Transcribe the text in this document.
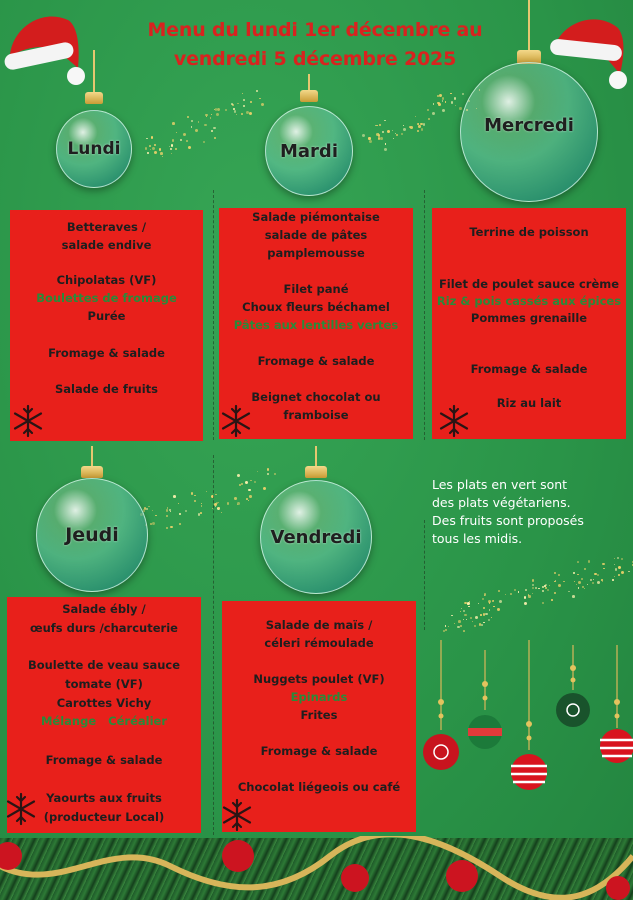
Menu du lundi 1er décembre au
vendredi 5 décembre 2025
Lundi	Mardi
Mercredi
Jeudi	Vendredi
Betteraves /
salade endive
Chipolatas (VF)
Boulettes de fromage
Purée
Fromage & salade
Salade de fruits
Salade piémontaise
salade de pâtes
pamplemousse
Filet pané
Choux fleurs béchamel
Pâtes aux lentilles vertes
Fromage & salade
Beignet chocolat ou
framboise
Terrine de poisson
Filet de poulet sauce crème
Riz & pois cassés aux épices
Pommes grenaille
Fromage & salade
Riz au lait
Salade ébly /
œufs durs /charcuterie
Boulette de veau sauce
tomate (VF)
Carottes Vichy
Mélange   Céréalier
Fromage & salade
Yaourts aux fruits
(producteur Local)
Salade de maïs /
céleri rémoulade
Nuggets poulet (VF)
Epinards
Frites
Fromage & salade
Chocolat liégeois ou café
Les plats en vert sont
des plats végétariens.
Des fruits sont proposés
tous les midis.
